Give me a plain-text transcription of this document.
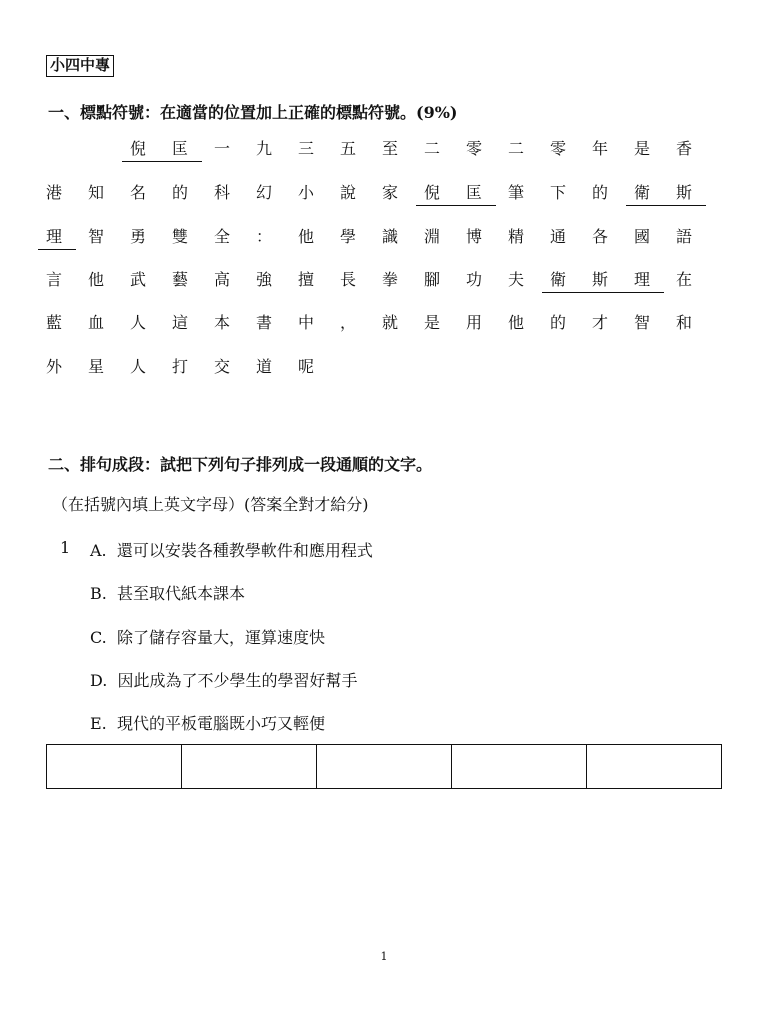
小四中專
一、標點符號：在適當的位置加上正確的標點符號。(9%)
倪 匡 一 九 三 五 至 二 零 二 零 年 是 香
港 知 名 的 科 幻 小 說 家 倪 匡 筆 下 的 衛 斯
理 智 勇 雙 全 ： 他 學 識 淵 博 精 通 各 國 語
言 他 武 藝 高 強 擅 長 拳 腳 功 夫 衛 斯 理 在
藍 血 人 這 本 書 中 ， 就 是 用 他 的 才 智 和
外 星 人 打 交 道 呢
二、排句成段：試把下列句子排列成一段通順的文字。
（在括號內填上英文字母）(答案全對才給分)
1 A. 還可以安裝各種教學軟件和應用程式
B. 甚至取代紙本課本
C. 除了儲存容量大，運算速度快
D. 因此成為了不少學生的學習好幫手
E. 現代的平板電腦既小巧又輕便

1
